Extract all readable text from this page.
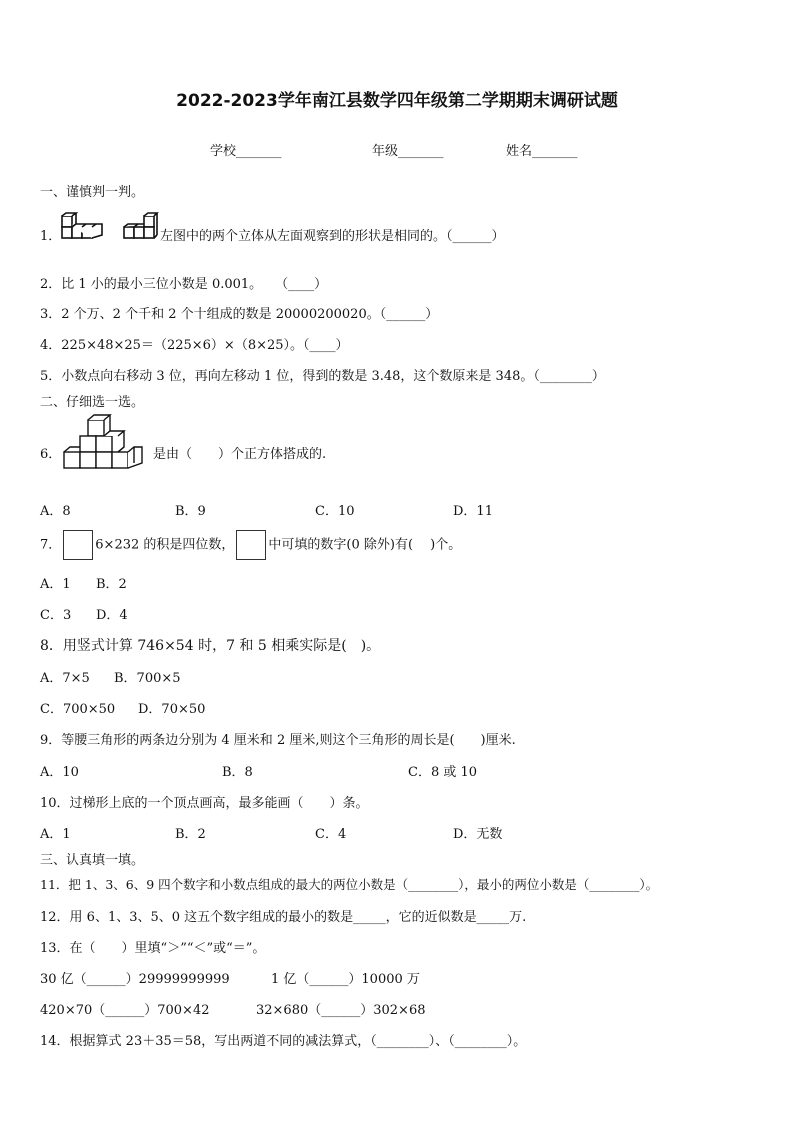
2022-2023学年南江县数学四年级第二学期期末调研试题
学校_______	年级_______	姓名_______
一、谨慎判一判。
1．	左图中的两个立体从左面观察到的形状是相同的。（______）
2．比 1 小的最小三位小数是 0.001。　　（____）
3．2 个万、2 个千和 2 个十组成的数是 20000200020。（______）
4．225×48×25＝（225×6）×（8×25）。（____）
5．小数点向右移动 3 位，再向左移动 1 位，得到的数是 3.48，这个数原来是 348。（________）
二、仔细选一选。
6．	是由（　　）个正方体搭成的.
A．8	B．9	C．10	D．11
7．	6×232 的积是四位数，	中可填的数字(0 除外)有(　 )个。
A．1 B．2
C．3 D．4
8．用竖式计算 746×54 时，7 和 5 相乘实际是(　)。
A．7×5 B．700×5
C．700×50 D．70×50
9．等腰三角形的两条边分别为 4 厘米和 2 厘米,则这个三角形的周长是(　　)厘米.
A．10	B．8	C．8 或 10
10．过梯形上底的一个顶点画高，最多能画（　　）条。
A．1	B．2	C．4	D．无数
三、认真填一填。
11．把 1、3、6、9 四个数字和小数点组成的最大的两位小数是（________），最小的两位小数是（________）。
12．用 6、1、3、5、0 这五个数字组成的最小的数是_____，它的近似数是_____万.
13．在（　　）里填“＞”“＜”或“＝”。
30 亿（______）29999999999	1 亿（______）10000 万
420×70（______）700×42	32×680（______）302×68
14．根据算式 23＋35＝58，写出两道不同的减法算式，（________）、（________）。
